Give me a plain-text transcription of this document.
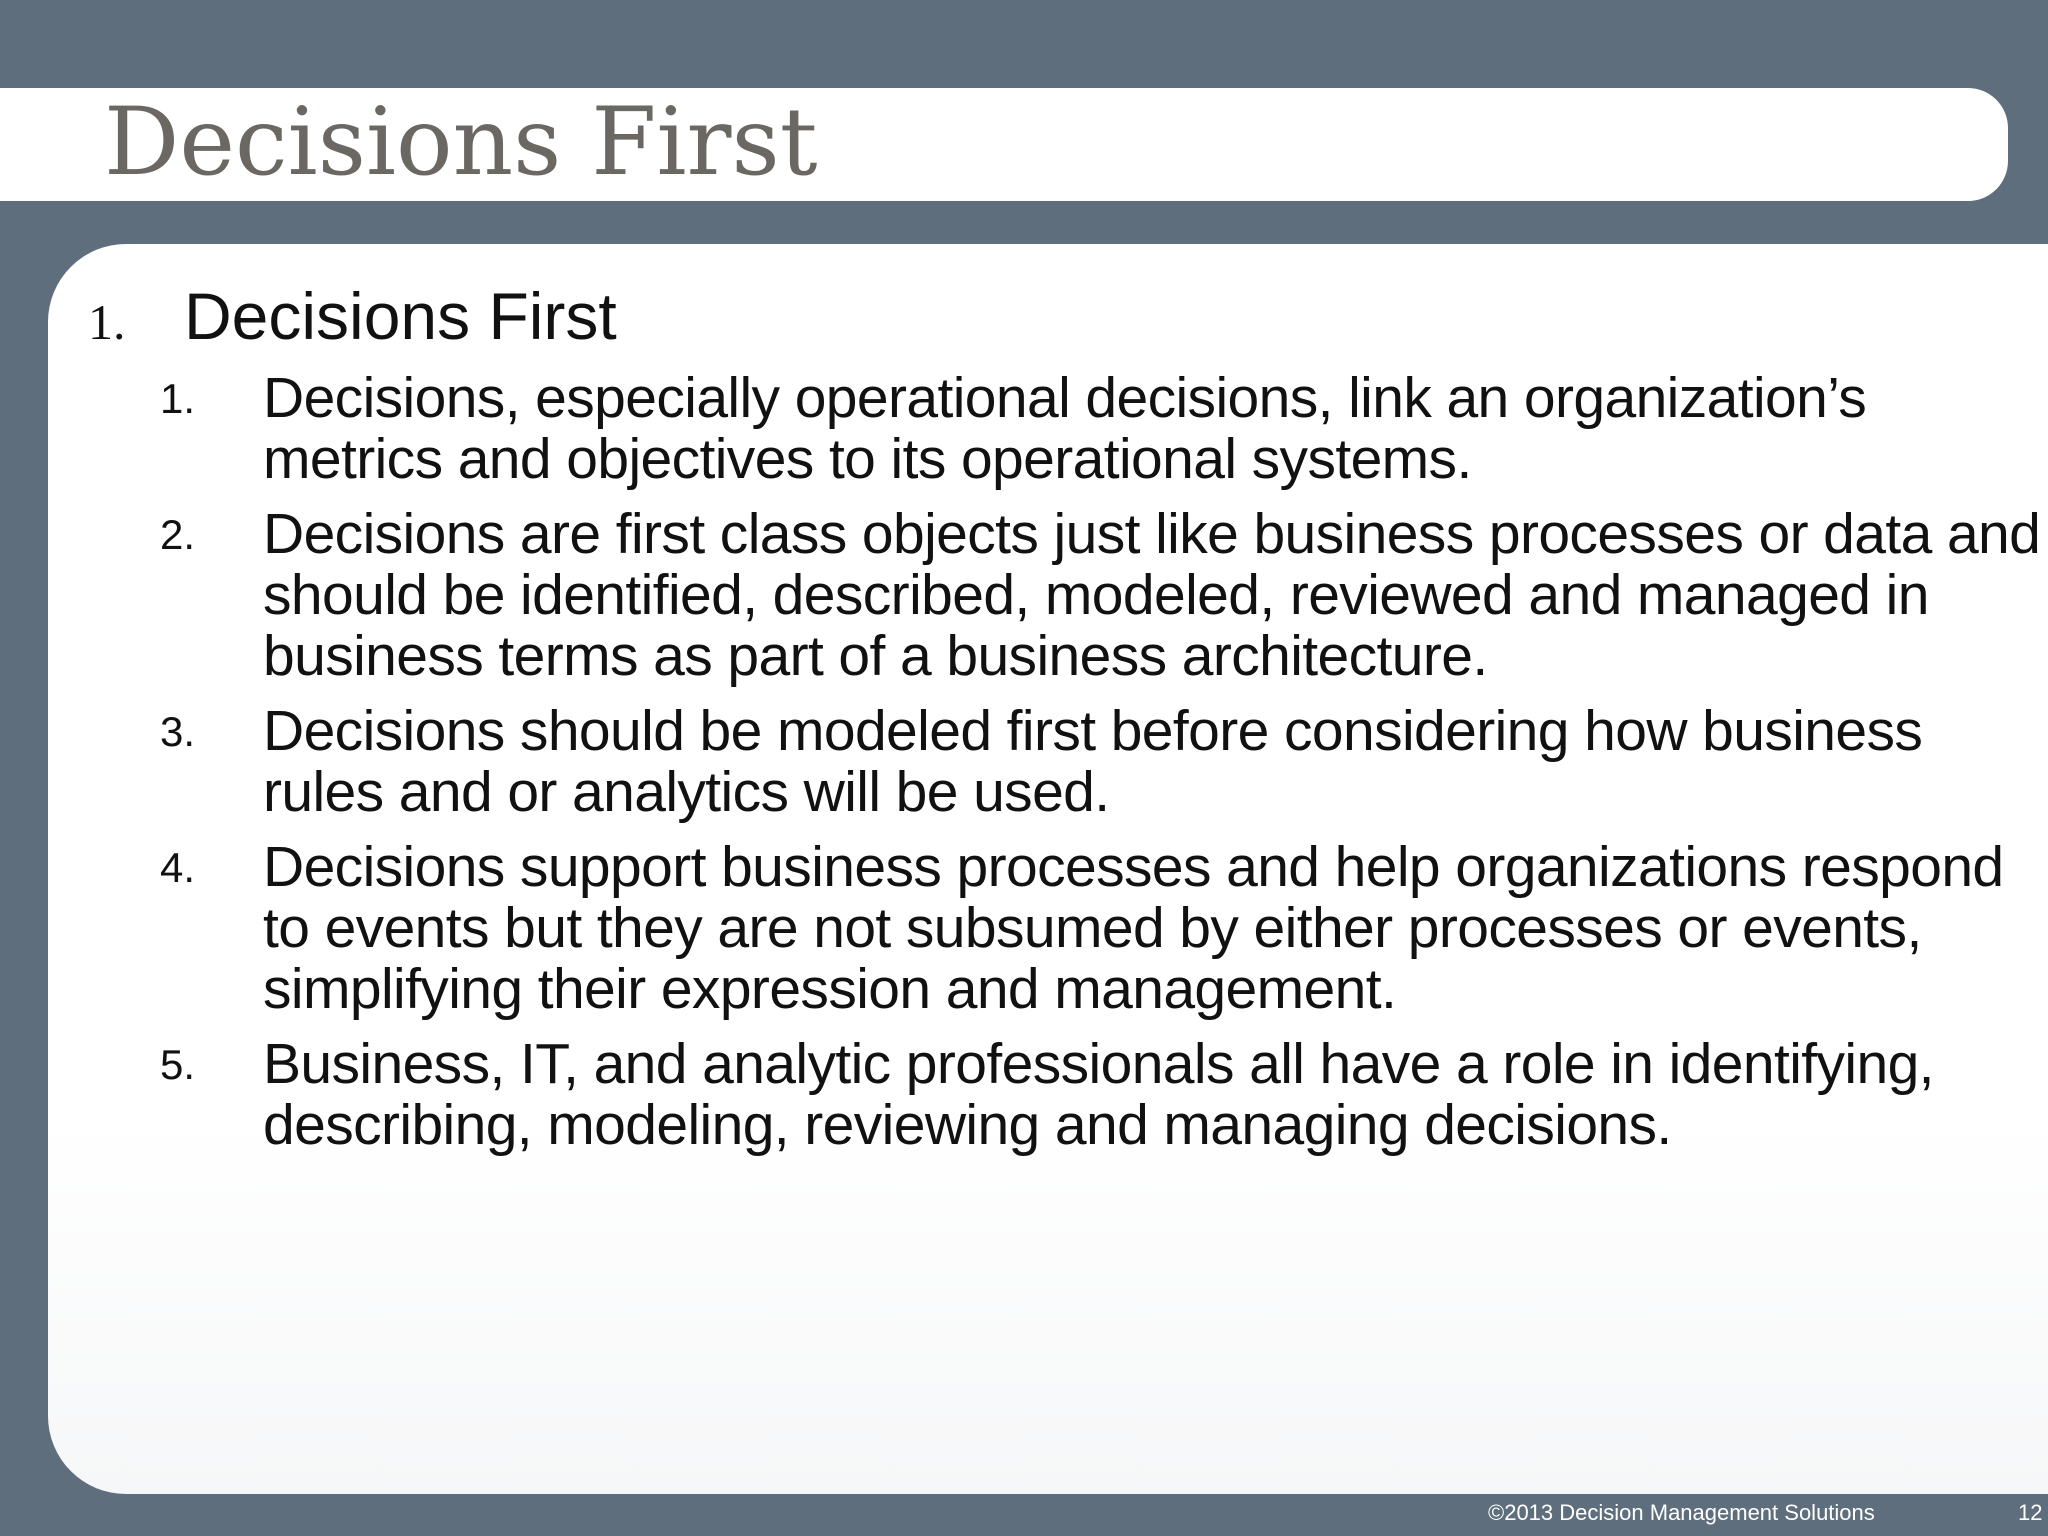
Decisions First
1. Decisions First
1. Decisions, especially operational decisions, link an organization’s metrics and objectives to its operational systems.
2. Decisions are first class objects just like business processes or data and should be identified, described, modeled, reviewed and managed in business terms as part of a business architecture.
3. Decisions should be modeled first before considering how business rules and or analytics will be used.
4. Decisions support business processes and help organizations respond to events but they are not subsumed by either processes or events, simplifying their expression and management.
5. Business, IT, and analytic professionals all have a role in identifying, describing, modeling, reviewing and managing decisions.
©2013 Decision Management Solutions	12
